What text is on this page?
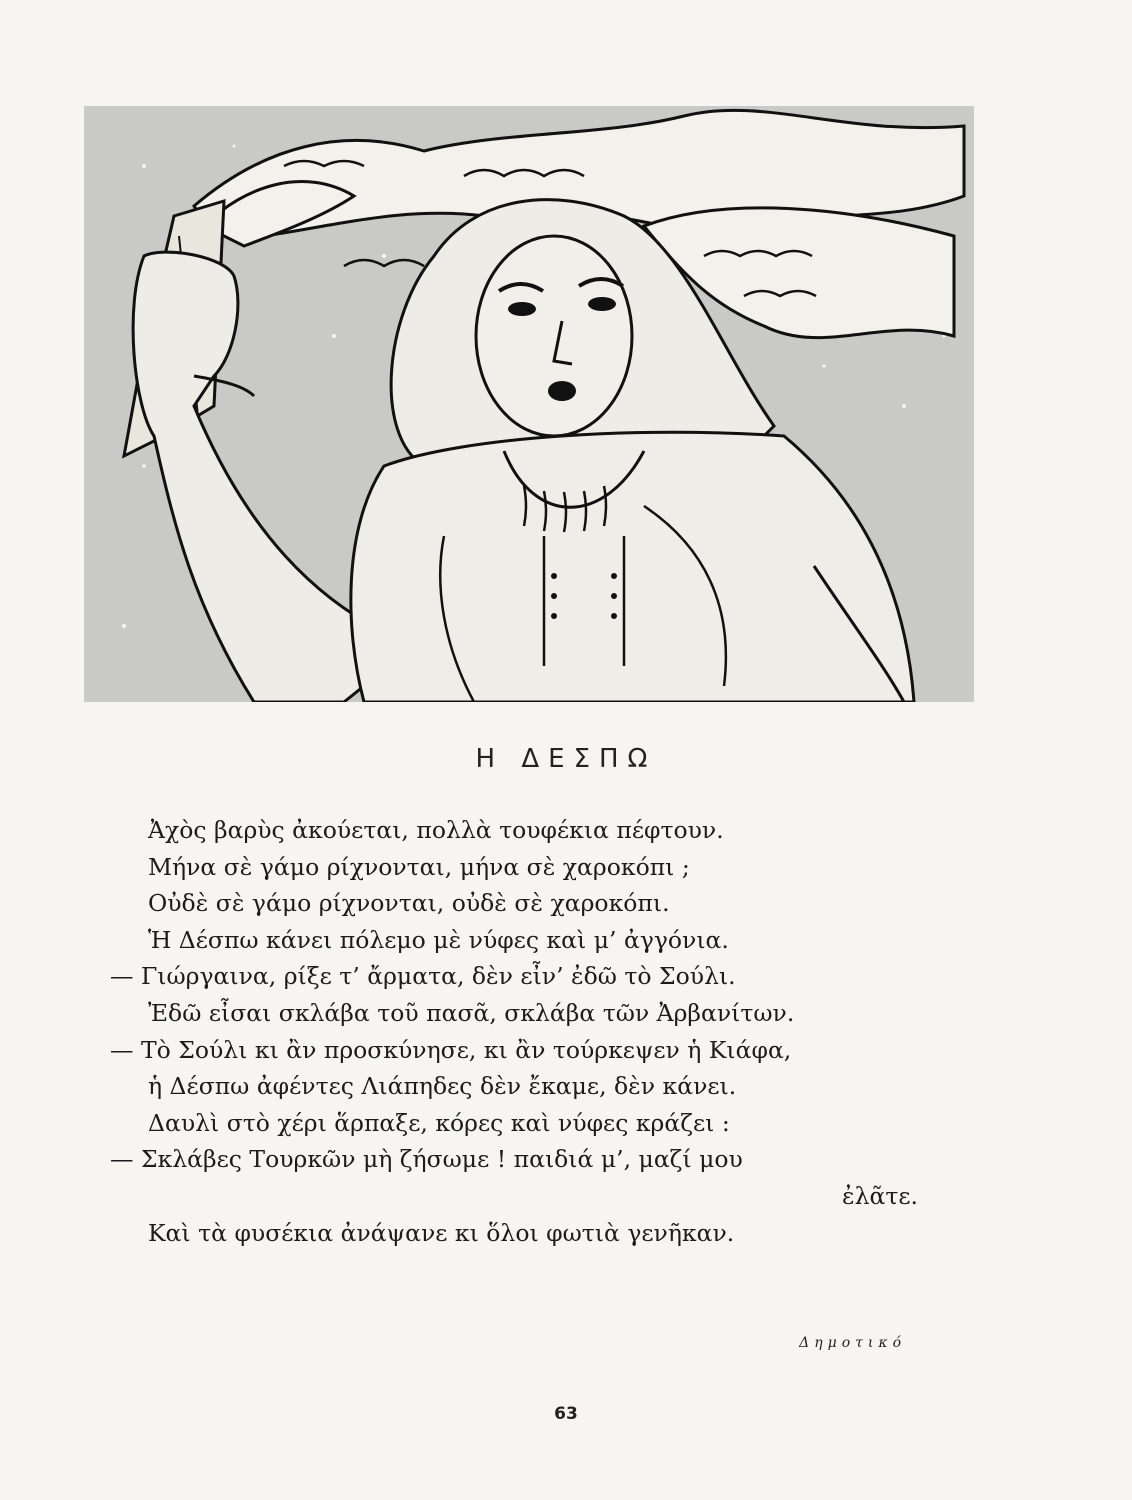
Η ΔΕΣΠΩ
Ἀχὸς βαρὺς ἀκούεται, πολλὰ τουφέκια πέφτουν.
Μήνα σὲ γάμο ρίχνονται, μήνα σὲ χαροκόπι ;
Οὐδὲ σὲ γάμο ρίχνονται, οὐδὲ σὲ χαροκόπι.
Ἡ Δέσπω κάνει πόλεμο μὲ νύφες καὶ μ’ ἀγγόνια.
— Γιώργαινα, ρίξε τ’ ἄρματα, δὲν εἶν’ ἐδῶ τὸ Σούλι.
Ἐδῶ εἶσαι σκλάβα τοῦ πασᾶ, σκλάβα τῶν Ἀρβανίτων.
— Τὸ Σούλι κι ἂν προσκύνησε, κι ἂν τούρκεψεν ἡ Κιάφα,
ἡ Δέσπω ἀφέντες Λιάπηδες δὲν ἔκαμε, δὲν κάνει.
Δαυλὶ στὸ χέρι ἅρπαξε, κόρες καὶ νύφες κράζει :
— Σκλάβες Τουρκῶν μὴ ζήσωμε ! παιδιά μ’, μαζί μου
ἐλᾶτε.
Καὶ τὰ φυσέκια ἀνάψανε κι ὅλοι φωτιὰ γενῆκαν.
Δημοτικό
63
